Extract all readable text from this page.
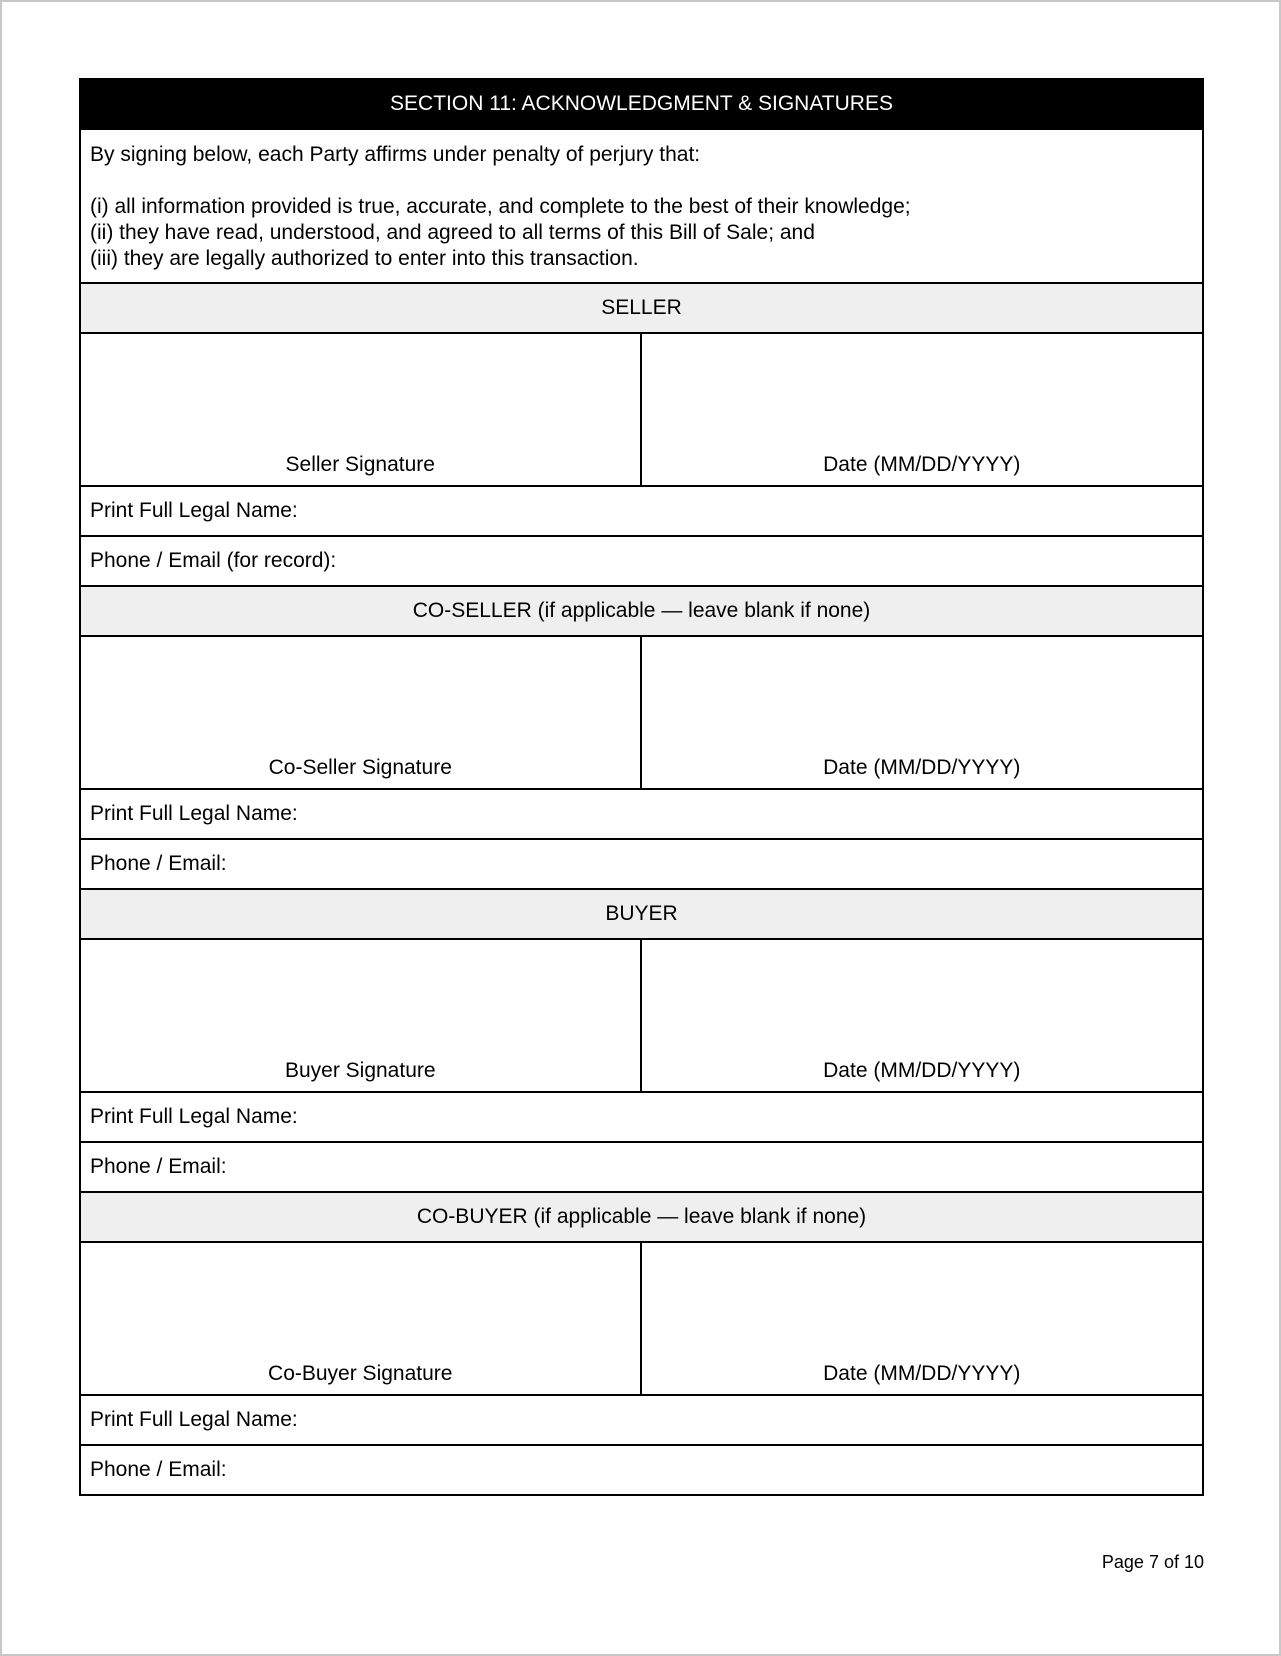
SECTION 11: ACKNOWLEDGMENT & SIGNATURES

By signing below, each Party affirms under penalty of perjury that:

(i) all information provided is true, accurate, and complete to the best of their knowledge;

(ii) they have read, understood, and agreed to all terms of this Bill of Sale; and

(iii) they are legally authorized to enter into this transaction.

SELLER
Seller Signature	Date (MM/DD/YYYY)
Print Full Legal Name:
Phone / Email (for record):
CO-SELLER (if applicable — leave blank if none)
Co-Seller Signature	Date (MM/DD/YYYY)
Print Full Legal Name:
Phone / Email:
BUYER
Buyer Signature	Date (MM/DD/YYYY)
Print Full Legal Name:
Phone / Email:
CO-BUYER (if applicable — leave blank if none)
Co-Buyer Signature	Date (MM/DD/YYYY)
Print Full Legal Name:
Phone / Email:
Page 7 of 10
